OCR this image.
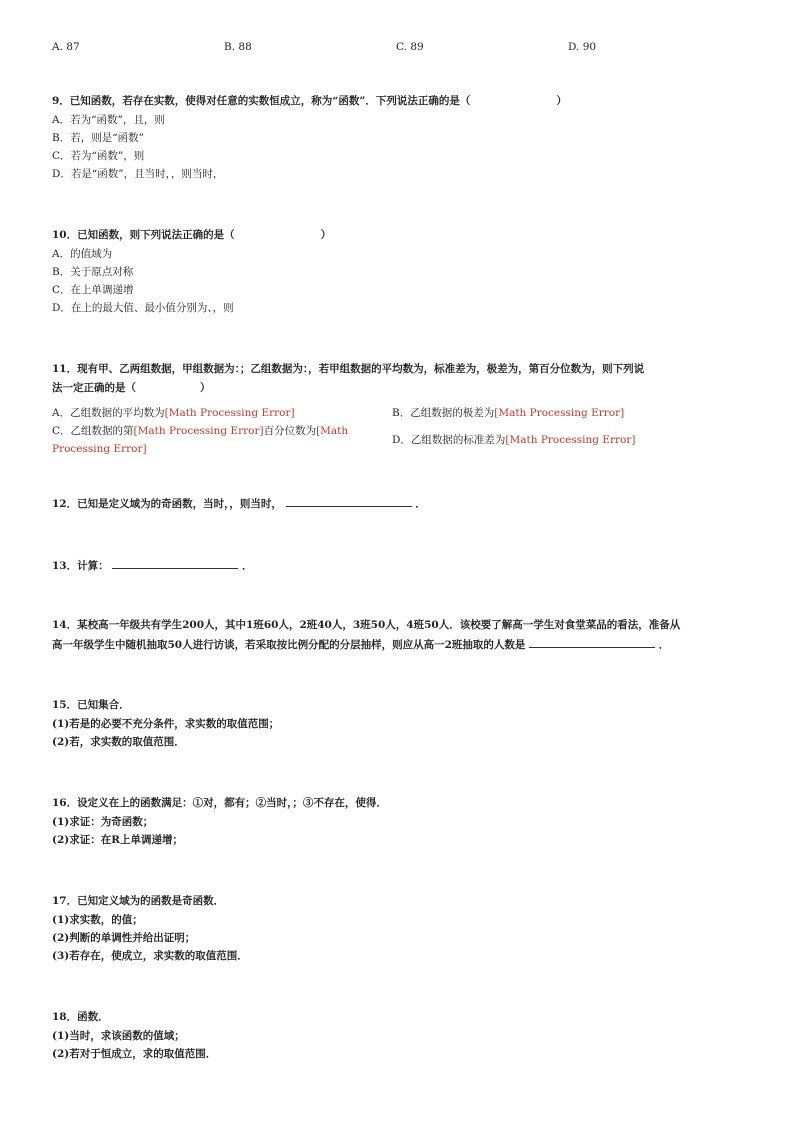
A. 87	B. 88	C. 89	D. 90
9．已知函数，若存在实数，使得对任意的实数恒成立，称为“函数”．下列说法正确的是（	）
A．若为“函数”，且，则
B．若，则是“函数”
C．若为“函数”，则
D．若是“函数”，且当时，，则当时，
10．已知函数，则下列说法正确的是（	）
A．的值域为
B．关于原点对称
C．在上单调递增
D．在上的最大值、最小值分别为、，则
11．现有甲、乙两组数据，甲组数据为：；乙组数据为：，若甲组数据的平均数为，标准差为，极差为，第百分位数为，则下列说
法一定正确的是（	）
A．乙组数据的平均数为[Math Processing Error]
C．乙组数据的第[Math Processing Error]百分位数为[Math
Processing Error]
B．乙组数据的极差为[Math Processing Error]
D．乙组数据的标准差为[Math Processing Error]
12．已知是定义域为的奇函数，当时，，则当时，	．
13．计算：	．
14．某校高一年级共有学生200人，其中1班60人，2班40人，3班50人，4班50人．该校要了解高一学生对食堂菜品的看法，准备从
高一年级学生中随机抽取50人进行访谈，若采取按比例分配的分层抽样，则应从高一2班抽取的人数是	．
15．已知集合．
(1)若是的必要不充分条件，求实数的取值范围；
(2)若，求实数的取值范围．
16．设定义在上的函数满足：①对，都有；②当时，；③不存在，使得．
(1)求证：为奇函数；
(2)求证：在R上单调递增；
17．已知定义域为的函数是奇函数．
(1)求实数，的值；
(2)判断的单调性并给出证明；
(3)若存在，使成立，求实数的取值范围．
18．函数．
(1)当时，求该函数的值域；
(2)若对于恒成立，求的取值范围．
